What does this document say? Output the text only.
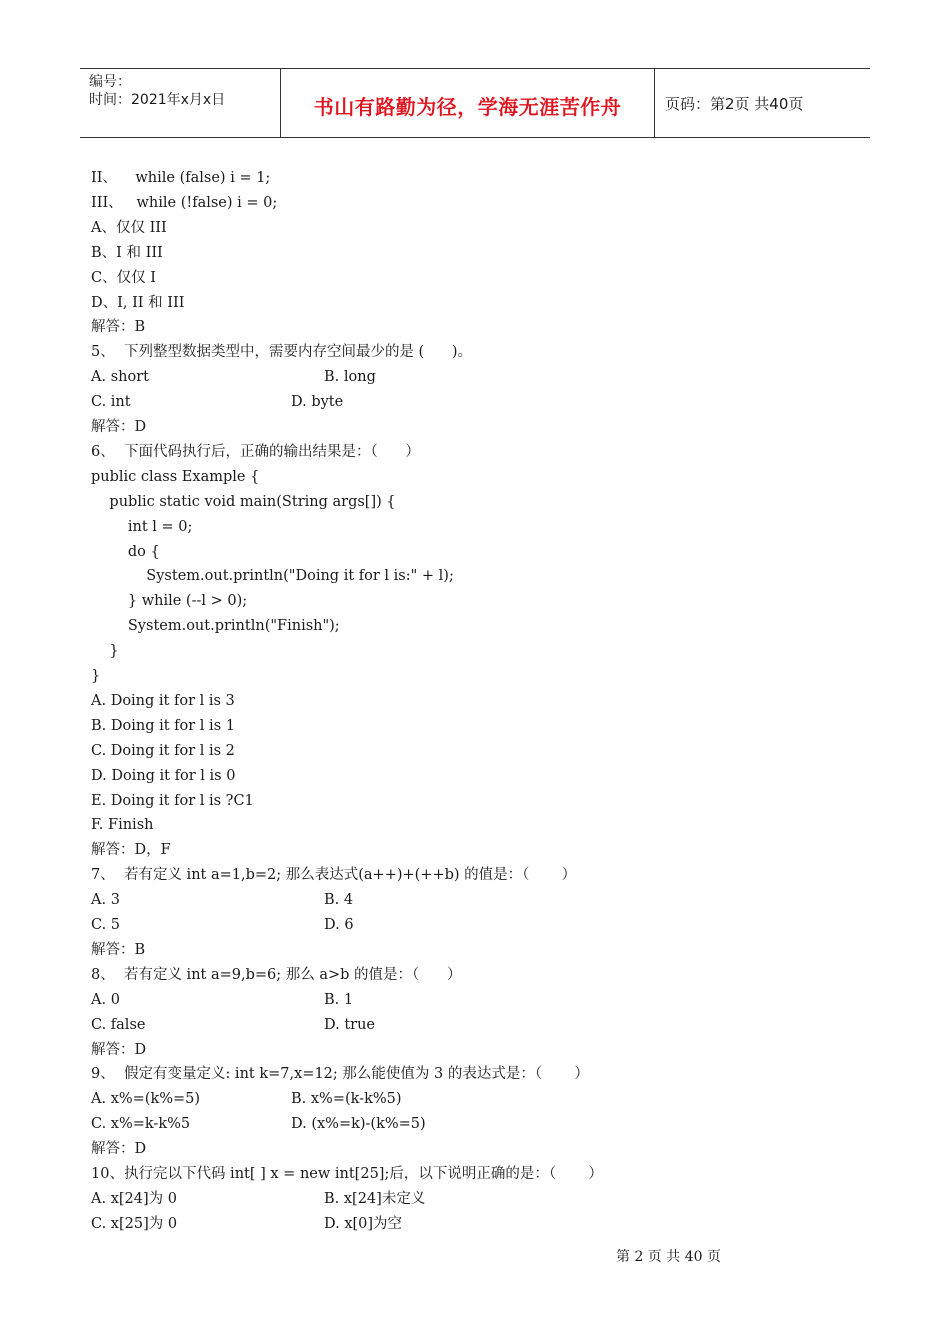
编号：
时间：2021年x月x日	书山有路勤为径，学海无涯苦作舟	页码：第2页 共40页
II、    while (false) i = 1;
III、   while (!false) i = 0;
A、仅仅 III
B、I 和 III
C、仅仅 I
D、I, II 和 III
解答：B
5、  下列整型数据类型中，需要内存空间最少的是 (      )。
A. short	B. long
C. int	D. byte
解答：D
6、  下面代码执行后，正确的输出结果是：（      ）
public class Example {
public static void main(String args[]) {
int l = 0;
do {
System.out.println("Doing it for l is:" + l);
} while (--l > 0);
System.out.println("Finish");
}
}
A. Doing it for l is 3
B. Doing it for l is 1
C. Doing it for l is 2
D. Doing it for l is 0
E. Doing it for l is ?C1
F. Finish
解答：D，F
7、  若有定义 int a=1,b=2; 那么表达式(a++)+(++b) 的值是：（       ）
A. 3	B. 4
C. 5	D. 6
解答：B
8、  若有定义 int a=9,b=6; 那么 a>b 的值是：（      ）
A. 0	B. 1
C. false	D. true
解答：D
9、  假定有变量定义: int k=7,x=12; 那么能使值为 3 的表达式是：（       ）
A. x%=(k%=5)	B. x%=(k-k%5)
C. x%=k-k%5	D. (x%=k)-(k%=5)
解答：D
10、执行完以下代码 int[ ] x = new int[25];后，以下说明正确的是：（       ）
A. x[24]为 0	B. x[24]未定义
C. x[25]为 0	D. x[0]为空
第 2 页 共 40 页
